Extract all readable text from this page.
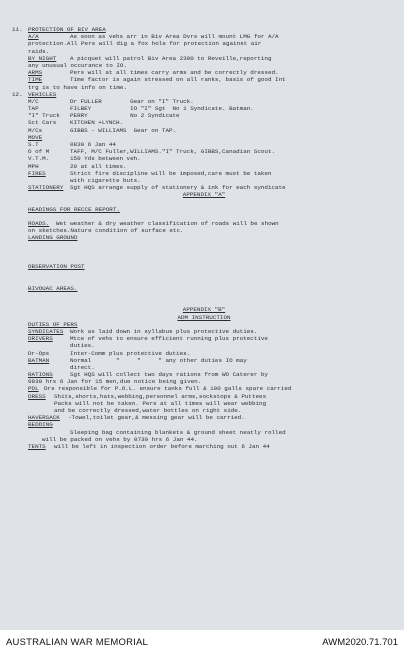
11.

PROTECTION OF BIV AREA

A/A	As soon as vehs arr in Biv Area Dvrs will mount LMG for A/A
protection.All Pers will dig a fox hole for protection against air
raids.
BY NIGHT A picquet will patrol Biv Area 2300 to Reveille,reporting
any unusual occurance to IO.
ARMS	Pers will at all times carry arms and be correctly dressed.
TIME	Time factor is again stressed on all ranks, basis of good Int
trg is to have info on time.

12.

VEHICLES

M/C	Dr FULLER        Gear on "I" Truck.
TAP	FILBEY           IO "I" Sgt  No 1 Syndicate. Batman.
"I" Truck PERRY            No 2 Syndicate
Sct Cars KITCHEN +LYNCH.
M/Cs	GIBBS - WILLIAMS  Gear on TAP.
MOVE
S.T	0830 6 Jan 44
O of M	TAFF, M/C Fuller,WILLIAMS."I" Truck, GIBBS,Canadian Scout.
V.T.M.	150 Yds between veh.
MPH	20 at all times.
FIRES	Strict fire discipline will be imposed,care must be taken
with cigarette buts.
STATIONERY Sgt HQS arrange supply of stationery & ink for each syndicate
APPENDIX "A"
HEADINGS FOR RECCE REPORT.
ROADS. Wet weather & dry weather classification of roads will be shown
on sketches.Nature condition of surface etc.
LANDING GROUND
OBSERVATION POST
BIVOUAC AREAS.
APPENDIX "B"
ADM INSTRUCTION
DUTIES OF PERS
SYNDICATES Work as laid down in syllabus plus protective duties.
DRIVERS	Mtce of vehs to ensure efficient running plus protective
duties.
Dr-Ops	Inter-Comm plus protective duties.
BATMAN	Normal       "     "     " any other duties IO may
direct.
RATIONS	Sgt HQS will collect two days rations from WO Caterer by
0830 hrs 6 Jan for 15 men,due notice being given.
POL Drs responsible for P.O.L. ensure tanks full & 100 galls spare carried
DRESS Shits,shorts,hats,webbing,personnel arms,sockstops & Puttees
Packs will not be taken. Pers at all times will wear webbing
and be correctly dressed,water bottles on right side.
HAVERSACK -Towel,toilet gear,& messing gear will be carried.
BEDDING
Sleeping bag containing blankets & ground sheet neatly rolled
will be packed on vehs by 0730 hrs 6 Jan 44.
TENTS will be left in inspection order before marching out 6 Jan 44
AUSTRALIAN WAR MEMORIAL	AWM2020.71.701
